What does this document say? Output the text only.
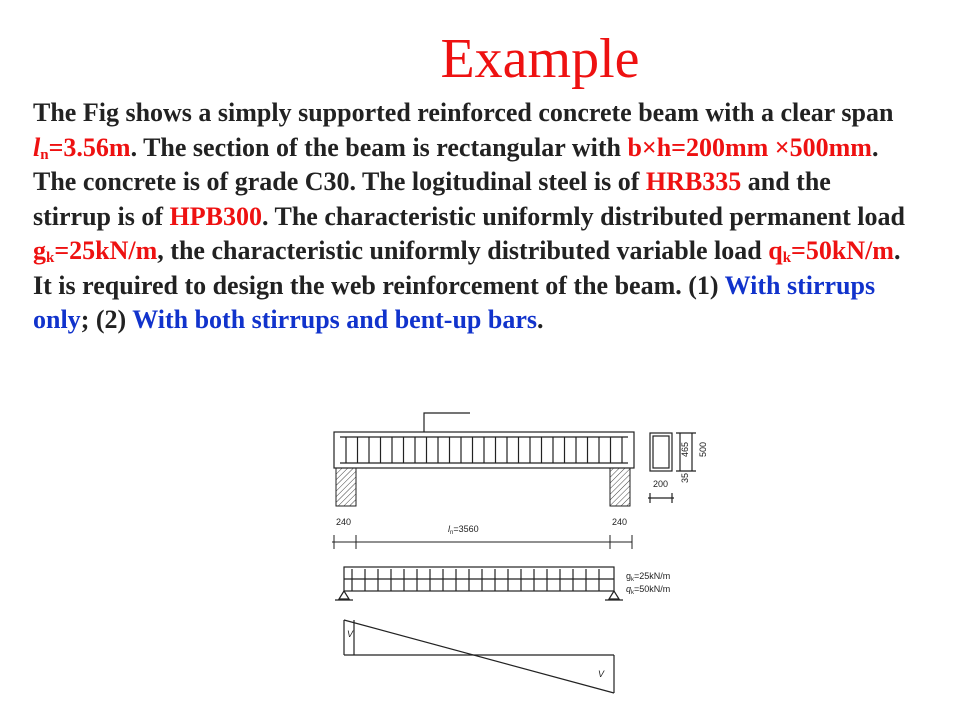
Example
The Fig shows a simply supported reinforced concrete beam with a clear span $l_n=3.56m$. The section of the beam is rectangular with b×h=200mm ×500mm. The concrete is of grade C30. The logitudinal steel is of HRB335 and the stirrup is of HPB300. The characteristic uniformly distributed permanent load $g_k=25kN/m$, the characteristic uniformly distributed variable load $q_k=50kN/m$. It is required to design the web reinforcement of the beam. (1) With stirrups only; (2) With both stirrups and bent-up bars.
200
465 500
35
240	240
$l_n=3560$
$g_k=25kN/m$
$q_k=50kN/m$
V
V
